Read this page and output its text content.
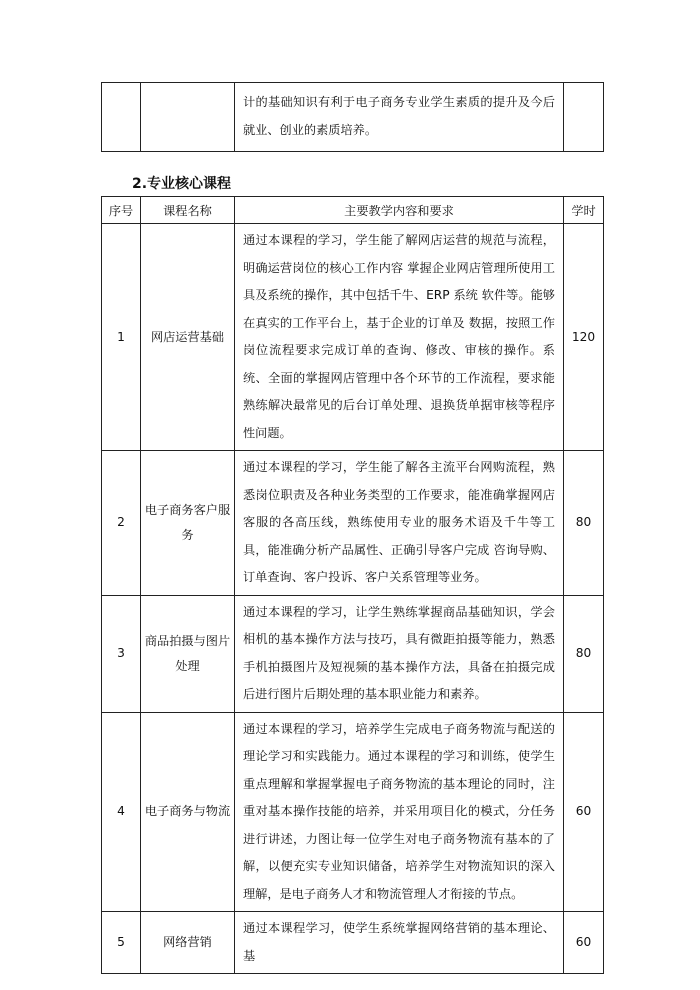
		计的基础知识有利于电子商务专业学生素质的提升及今后就业、创业的素质培养。	
2.专业核心课程
序号	课程名称	主要教学内容和要求	学时
1	网店运营基础	通过本课程的学习，学生能了解网店运营的规范与流程，明确运营岗位的核心工作内容 掌握企业网店管理所使用工具及系统的操作，其中包括千牛、ERP 系统 软件等。能够在真实的工作平台上，基于企业的订单及 数据，按照工作岗位流程要求完成订单的查询、修改、审核的操作。系统、全面的掌握网店管理中各个环节的工作流程，要求能熟练解决最常见的后台订单处理、退换货单据审核等程序性问题。	120
2	电子商务客户服务	通过本课程的学习，学生能了解各主流平台网购流程，熟悉岗位职责及各种业务类型的工作要求，能准确掌握网店客服的各高压线，熟练使用专业的服务术语及千牛等工具，能准确分析产品属性、正确引导客户完成 咨询导购、订单查询、客户投诉、客户关系管理等业务。	80
3	商品拍摄与图片处理	通过本课程的学习，让学生熟练掌握商品基础知识，学会相机的基本操作方法与技巧，具有微距拍摄等能力，熟悉手机拍摄图片及短视频的基本操作方法，具备在拍摄完成后进行图片后期处理的基本职业能力和素养。	80
4	电子商务与物流	通过本课程的学习，培养学生完成电子商务物流与配送的理论学习和实践能力。通过本课程的学习和训练，使学生重点理解和掌握掌握电子商务物流的基本理论的同时，注重对基本操作技能的培养，并采用项目化的模式，分任务进行讲述，力图让每一位学生对电子商务物流有基本的了解，以便充实专业知识储备，培养学生对物流知识的深入理解，是电子商务人才和物流管理人才衔接的节点。	60
5	网络营销	通过本课程学习，使学生系统掌握网络营销的基本理论、基	60
